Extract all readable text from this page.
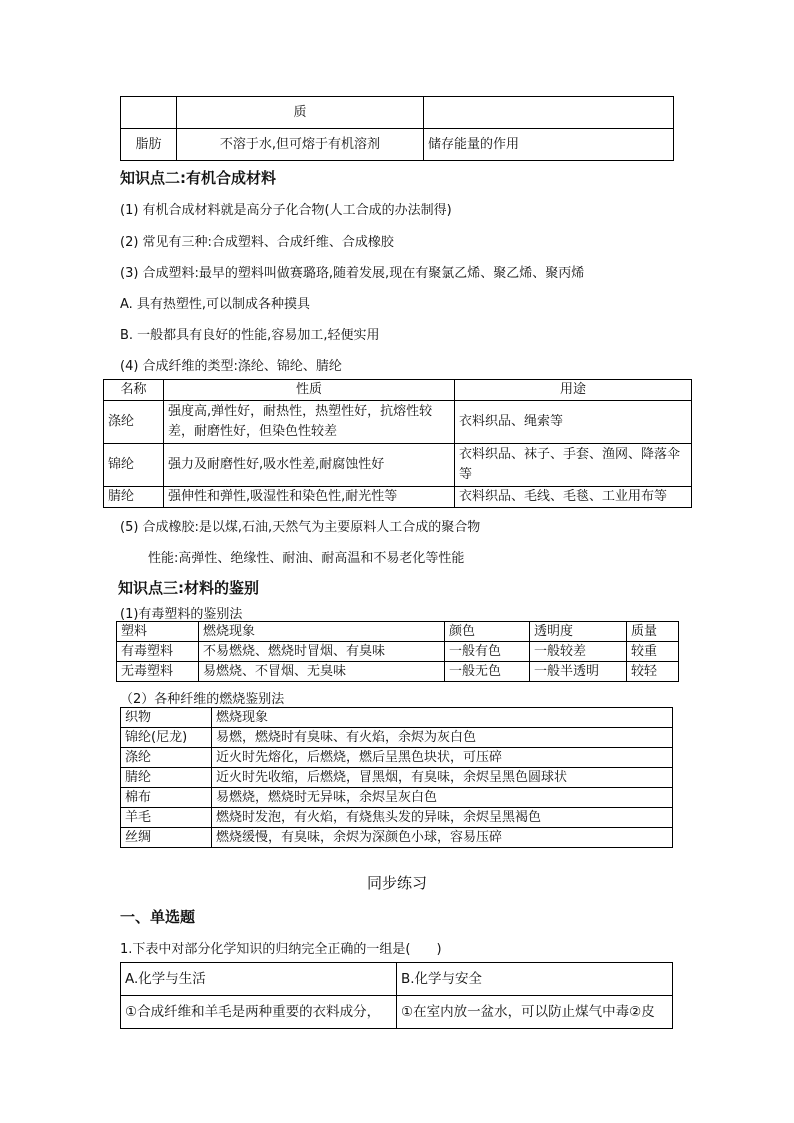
	质	
脂肪	不溶于水,但可熔于有机溶剂	储存能量的作用
知识点二:有机合成材料
(1) 有机合成材料就是高分子化合物(人工合成的办法制得)
(2) 常见有三种:合成塑料、合成纤维、合成橡胶
(3) 合成塑料:最早的塑料叫做赛璐珞,随着发展,现在有聚氯乙烯、聚乙烯、聚丙烯
A. 具有热塑性,可以制成各种摸具
B. 一般都具有良好的性能,容易加工,轻便实用
(4) 合成纤维的类型:涤纶、锦纶、腈纶
名称	性质	用途
涤纶	强度高,弹性好，耐热性，热塑性好，抗熔性较差，耐磨性好，但染色性较差	衣料织品、绳索等
锦纶	强力及耐磨性好,吸水性差,耐腐蚀性好	衣料织品、袜子、手套、渔网、降落伞等
腈纶	强伸性和弹性,吸湿性和染色性,耐光性等	衣料织品、毛线、毛毯、工业用布等
(5) 合成橡胶:是以煤,石油,天然气为主要原料人工合成的聚合物
性能:高弹性、绝缘性、耐油、耐高温和不易老化等性能
知识点三:材料的鉴别
(1)有毒塑料的鉴别法
塑料	燃烧现象	颜色	透明度	质量
有毒塑料	不易燃烧、燃烧时冒烟、有臭味	一般有色	一般较差	较重
无毒塑料	易燃烧、不冒烟、无臭味	一般无色	一般半透明	较轻
（2）各种纤维的燃烧鉴别法
织物	燃烧现象
锦纶(尼龙)	易燃，燃烧时有臭味、有火焰，余烬为灰白色
涤纶	近火时先熔化，后燃烧，燃后呈黑色块状，可压碎
腈纶	近火时先收缩，后燃烧，冒黑烟，有臭味，余烬呈黑色圆球状
棉布	易燃烧，燃烧时无异味，余烬呈灰白色
羊毛	燃烧时发泡，有火焰，有烧焦头发的异味，余烬呈黑褐色
丝绸	燃烧缓慢，有臭味，余烬为深颜色小球，容易压碎
同步练习
一、单选题
1.下表中对部分化学知识的归纳完全正确的一组是(　　)
A.化学与生活	B.化学与安全
①合成纤维和羊毛是两种重要的衣料成分，	①在室内放一盆水，可以防止煤气中毒②皮
